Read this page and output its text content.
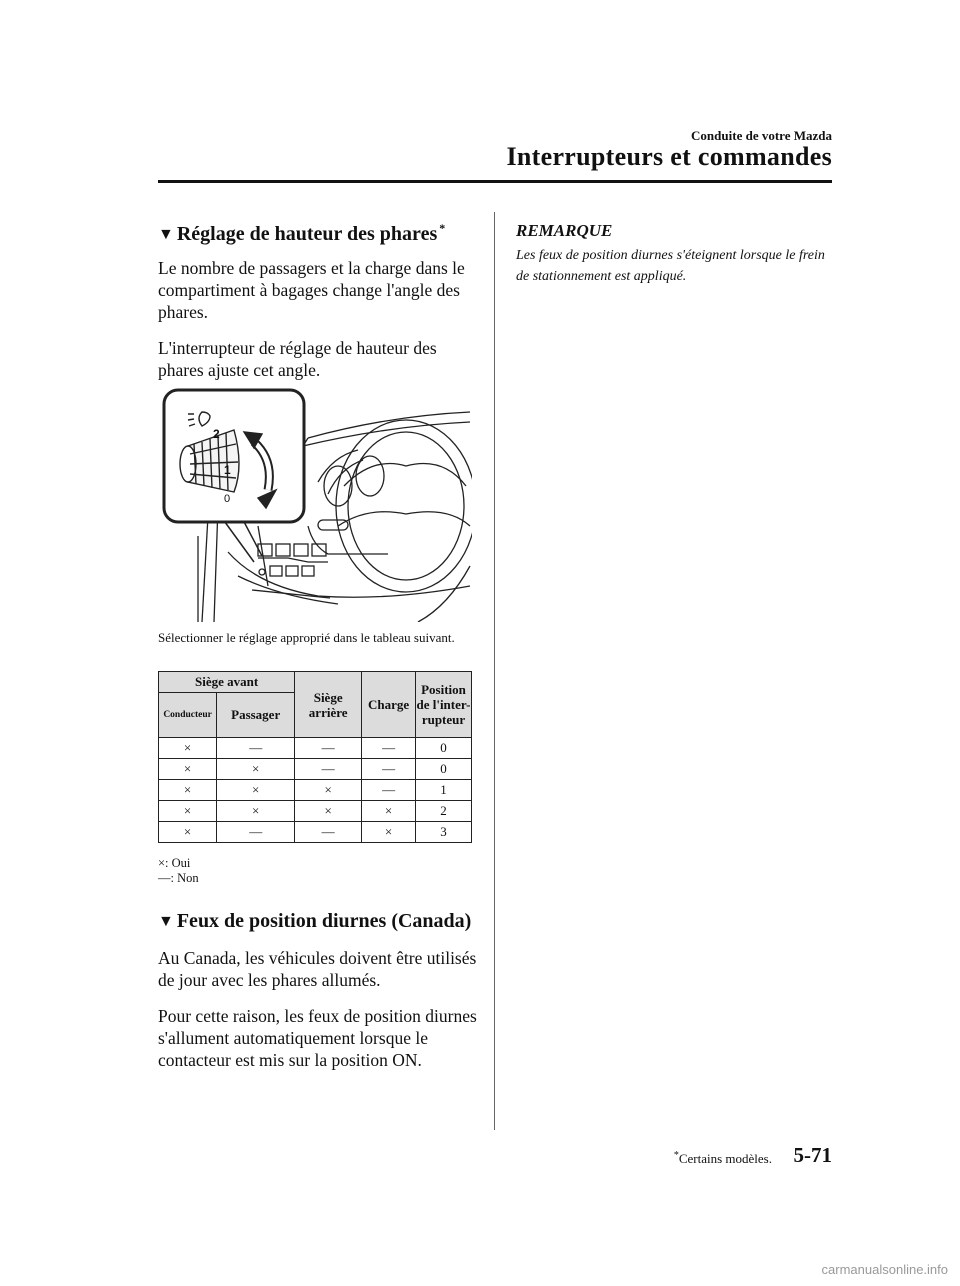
Conduite de votre Mazda
Interrupteurs et commandes
▼ Réglage de hauteur des phares *
Le nombre de passagers et la charge dans le compartiment à bagages change l'angle des phares.
L'interrupteur de réglage de hauteur des phares ajuste cet angle.
2
1
0
Sélectionner le réglage approprié dans le tableau suivant.
Siège avant		Siège arrière	Charge	Position de l'inter-rupteur
Conducteur	Passager			
×	―	―	―	0
×	×	―	―	0
×	×	×	―	1
×	×	×	×	2
×	―	―	×	3
×: Oui
―: Non
▼ Feux de position diurnes (Canada)
Au Canada, les véhicules doivent être utilisés de jour avec les phares allumés.
Pour cette raison, les feux de position diurnes s'allument automatiquement lorsque le contacteur est mis sur la position ON.
REMARQUE
Les feux de position diurnes s'éteignent lorsque le frein de stationnement est appliqué.
*Certains modèles. 5-71
carmanualsonline.info
